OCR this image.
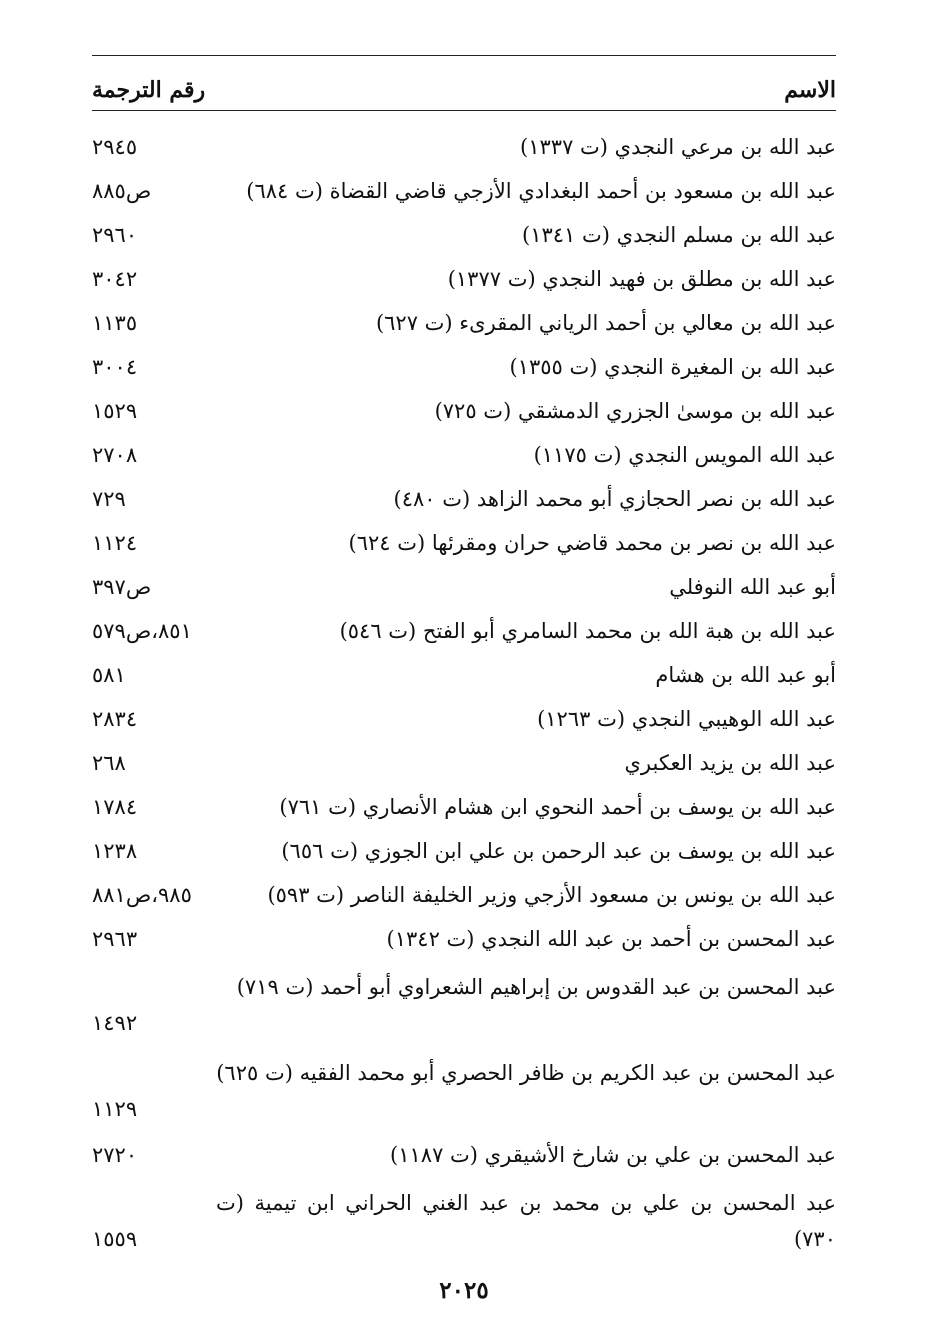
الاسم
رقم الترجمة
عبد الله بن مرعي النجدي (ت ١٣٣٧)
٢٩٤٥
عبد الله بن مسعود بن أحمد البغدادي الأزجي قاضي القضاة (ت ٦٨٤)
ص٨٨٥
عبد الله بن مسلم النجدي (ت ١٣٤١)
٢٩٦٠
عبد الله بن مطلق بن فهيد النجدي (ت ١٣٧٧)
٣٠٤٢
عبد الله بن معالي بن أحمد الرياني المقرىء (ت ٦٢٧)
١١٣٥
عبد الله بن المغيرة النجدي (ت ١٣٥٥)
٣٠٠٤
عبد الله بن موسىٰ الجزري الدمشقي (ت ٧٢٥)
١٥٢٩
عبد الله المويس النجدي (ت ١١٧٥)
٢٧٠٨
عبد الله بن نصر الحجازي أبو محمد الزاهد (ت ٤٨٠)
٧٢٩
عبد الله بن نصر بن محمد قاضي حران ومقرئها (ت ٦٢٤)
١١٢٤
أبو عبد الله النوفلي
ص٣٩٧
عبد الله بن هبة الله بن محمد السامري أبو الفتح (ت ٥٤٦)
٨٥١،ص٥٧٩
أبو عبد الله بن هشام
٥٨١
عبد الله الوهيبي النجدي (ت ١٢٦٣)
٢٨٣٤
عبد الله بن يزيد العكبري
٢٦٨
عبد الله بن يوسف بن أحمد النحوي ابن هشام الأنصاري (ت ٧٦١)
١٧٨٤
عبد الله بن يوسف بن عبد الرحمن بن علي ابن الجوزي (ت ٦٥٦)
١٢٣٨
عبد الله بن يونس بن مسعود الأزجي وزير الخليفة الناصر (ت ٥٩٣)
٩٨٥،ص٨٨١
عبد المحسن بن أحمد بن عبد الله النجدي (ت ١٣٤٢)
٢٩٦٣
عبد المحسن بن عبد القدوس بن إبراهيم الشعراوي أبو أحمد (ت ٧١٩)
١٤٩٢
عبد المحسن بن عبد الكريم بن ظافر الحصري أبو محمد الفقيه (ت ٦٢٥)
١١٢٩
عبد المحسن بن علي بن شارخ الأشيقري (ت ١١٨٧)
٢٧٢٠
عبد المحسن بن علي بن محمد بن عبد الغني الحراني ابن تيمية (ت ٧٣٠)
١٥٥٩
٢٠٢٥
